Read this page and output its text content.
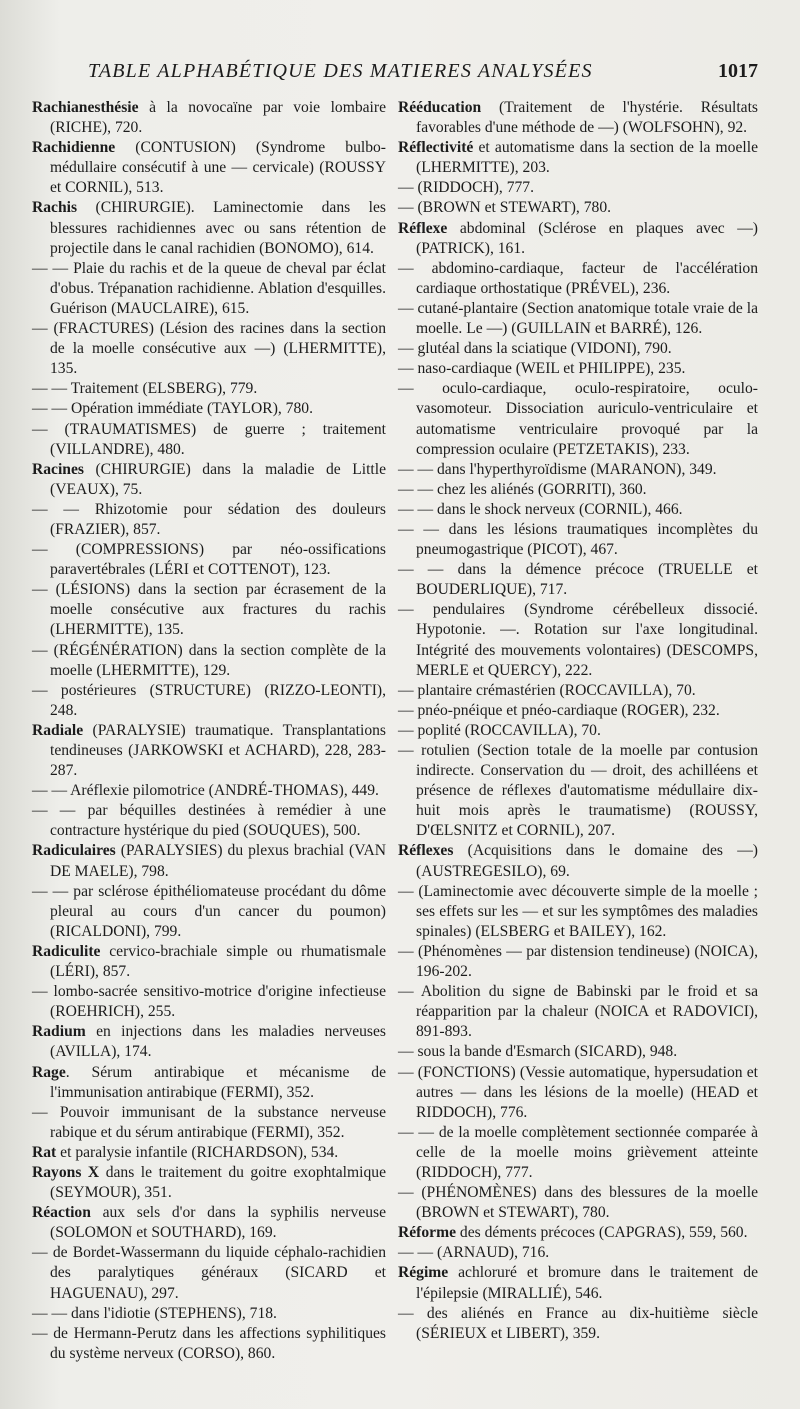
TABLE ALPHABÉTIQUE DES MATIERES ANALYSÉES	1017

Rachianesthésie à la novocaïne par voie lombaire (RICHE), 720.

Rachidienne (CONTUSION) (Syndrome bulbo-médullaire consécutif à une — cervicale) (ROUSSY et CORNIL), 513.

Rachis (CHIRURGIE). Laminectomie dans les blessures rachidiennes avec ou sans rétention de projectile dans le canal rachidien (BONOMO), 614.

— — Plaie du rachis et de la queue de cheval par éclat d'obus. Trépanation rachidienne. Ablation d'esquilles. Guérison (MAUCLAIRE), 615.

— (FRACTURES) (Lésion des racines dans la section de la moelle consécutive aux —) (LHERMITTE), 135.

— — Traitement (ELSBERG), 779.

— — Opération immédiate (TAYLOR), 780.

— (TRAUMATISMES) de guerre ; traitement (VILLANDRE), 480.

Racines (CHIRURGIE) dans la maladie de Little (VEAUX), 75.

— — Rhizotomie pour sédation des douleurs (FRAZIER), 857.

— (COMPRESSIONS) par néo-ossifications paravertébrales (LÉRI et COTTENOT), 123.

— (LÉSIONS) dans la section par écrasement de la moelle consécutive aux fractures du rachis (LHERMITTE), 135.

— (RÉGÉNÉRATION) dans la section complète de la moelle (LHERMITTE), 129.

— postérieures (STRUCTURE) (RIZZO-LEONTI), 248.

Radiale (PARALYSIE) traumatique. Transplantations tendineuses (JARKOWSKI et ACHARD), 228, 283-287.

— — Aréflexie pilomotrice (ANDRÉ-THOMAS), 449.

— — par béquilles destinées à remédier à une contracture hystérique du pied (SOUQUES), 500.

Radiculaires (PARALYSIES) du plexus brachial (VAN DE MAELE), 798.

— — par sclérose épithéliomateuse procédant du dôme pleural au cours d'un cancer du poumon) (RICALDONI), 799.

Radiculite cervico-brachiale simple ou rhumatismale (LÉRI), 857.

— lombo-sacrée sensitivo-motrice d'origine infectieuse (ROEHRICH), 255.

Radium en injections dans les maladies nerveuses (AVILLA), 174.

Rage. Sérum antirabique et mécanisme de l'immunisation antirabique (FERMI), 352.

— Pouvoir immunisant de la substance nerveuse rabique et du sérum antirabique (FERMI), 352.

Rat et paralysie infantile (RICHARDSON), 534.

Rayons X dans le traitement du goitre exophtalmique (SEYMOUR), 351.

Réaction aux sels d'or dans la syphilis nerveuse (SOLOMON et SOUTHARD), 169.

— de Bordet-Wassermann du liquide céphalo-rachidien des paralytiques généraux (SICARD et HAGUENAU), 297.

— — dans l'idiotie (STEPHENS), 718.

— de Hermann-Perutz dans les affections syphilitiques du système nerveux (CORSO), 860.

Rééducation (Traitement de l'hystérie. Résultats favorables d'une méthode de —) (WOLFSOHN), 92.

Réflectivité et automatisme dans la section de la moelle (LHERMITTE), 203.

— (RIDDOCH), 777.

— (BROWN et STEWART), 780.

Réflexe abdominal (Sclérose en plaques avec —) (PATRICK), 161.

— abdomino-cardiaque, facteur de l'accélération cardiaque orthostatique (PRÉVEL), 236.

— cutané-plantaire (Section anatomique totale vraie de la moelle. Le —) (GUILLAIN et BARRÉ), 126.

— glutéal dans la sciatique (VIDONI), 790.

— naso-cardiaque (WEIL et PHILIPPE), 235.

— oculo-cardiaque, oculo-respiratoire, oculo-vasomoteur. Dissociation auriculo-ventriculaire et automatisme ventriculaire provoqué par la compression oculaire (PETZETAKIS), 233.

— — dans l'hyperthyroïdisme (MARANON), 349.

— — chez les aliénés (GORRITI), 360.

— — dans le shock nerveux (CORNIL), 466.

— — dans les lésions traumatiques incomplètes du pneumogastrique (PICOT), 467.

— — dans la démence précoce (TRUELLE et BOUDERLIQUE), 717.

— pendulaires (Syndrome cérébelleux dissocié. Hypotonie. —. Rotation sur l'axe longitudinal. Intégrité des mouvements volontaires) (DESCOMPS, MERLE et QUERCY), 222.

— plantaire crémastérien (ROCCAVILLA), 70.

— pnéo-pnéique et pnéo-cardiaque (ROGER), 232.

— poplité (ROCCAVILLA), 70.

— rotulien (Section totale de la moelle par contusion indirecte. Conservation du — droit, des achilléens et présence de réflexes d'automatisme médullaire dix-huit mois après le traumatisme) (ROUSSY, D'ŒLSNITZ et CORNIL), 207.

Réflexes (Acquisitions dans le domaine des —) (AUSTREGESILO), 69.

— (Laminectomie avec découverte simple de la moelle ; ses effets sur les — et sur les symptômes des maladies spinales) (ELSBERG et BAILEY), 162.

— (Phénomènes — par distension tendineuse) (NOICA), 196-202.

— Abolition du signe de Babinski par le froid et sa réapparition par la chaleur (NOICA et RADOVICI), 891-893.

— sous la bande d'Esmarch (SICARD), 948.

— (FONCTIONS) (Vessie automatique, hypersudation et autres — dans les lésions de la moelle) (HEAD et RIDDOCH), 776.

— — de la moelle complètement sectionnée comparée à celle de la moelle moins grièvement atteinte (RIDDOCH), 777.

— (PHÉNOMÈNES) dans des blessures de la moelle (BROWN et STEWART), 780.

Réforme des déments précoces (CAPGRAS), 559, 560.

— — (ARNAUD), 716.

Régime achloruré et bromure dans le traitement de l'épilepsie (MIRALLIÉ), 546.

— des aliénés en France au dix-huitième siècle (SÉRIEUX et LIBERT), 359.
